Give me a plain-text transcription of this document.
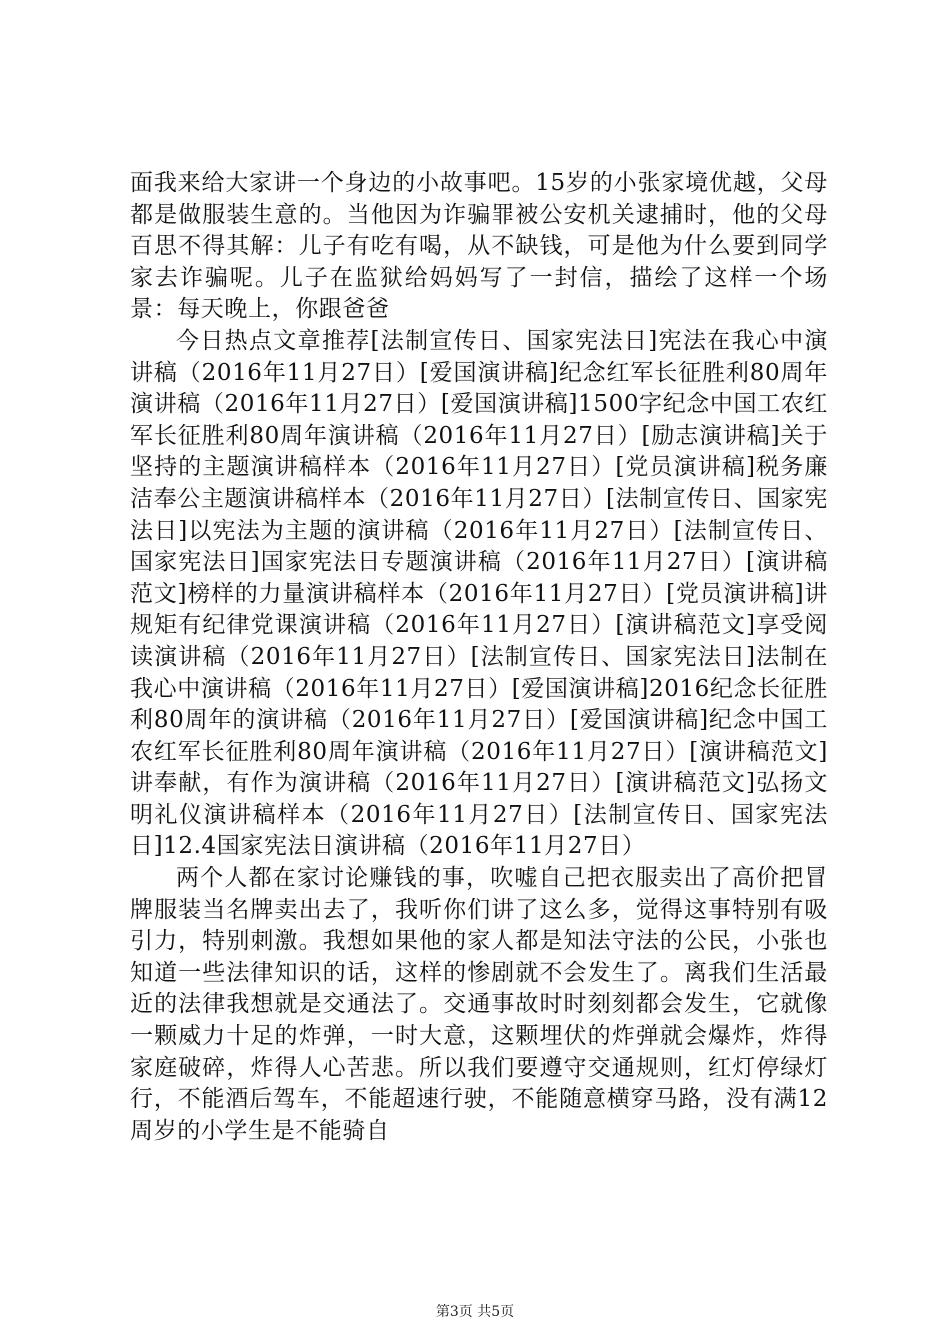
面我来给大家讲一个身边的小故事吧。15岁的小张家境优越，父母都是做服装生意的。当他因为诈骗罪被公安机关逮捕时，他的父母百思不得其解：儿子有吃有喝，从不缺钱，可是他为什么要到同学家去诈骗呢。儿子在监狱给妈妈写了一封信，描绘了这样一个场景：每天晚上，你跟爸爸

今日热点文章推荐[法制宣传日、国家宪法日]宪法在我心中演讲稿（2016年11月27日）[爱国演讲稿]纪念红军长征胜利80周年演讲稿（2016年11月27日）[爱国演讲稿]1500字纪念中国工农红军长征胜利80周年演讲稿（2016年11月27日）[励志演讲稿]关于坚持的主题演讲稿样本（2016年11月27日）[党员演讲稿]税务廉洁奉公主题演讲稿样本（2016年11月27日）[法制宣传日、国家宪法日]以宪法为主题的演讲稿（2016年11月27日）[法制宣传日、国家宪法日]国家宪法日专题演讲稿（2016年11月27日）[演讲稿范文]榜样的力量演讲稿样本（2016年11月27日）[党员演讲稿]讲规矩有纪律党课演讲稿（2016年11月27日）[演讲稿范文]享受阅读演讲稿（2016年11月27日）[法制宣传日、国家宪法日]法制在我心中演讲稿（2016年11月27日）[爱国演讲稿]2016纪念长征胜利80周年的演讲稿（2016年11月27日）[爱国演讲稿]纪念中国工农红军长征胜利80周年演讲稿（2016年11月27日）[演讲稿范文]讲奉献，有作为演讲稿（2016年11月27日）[演讲稿范文]弘扬文明礼仪演讲稿样本（2016年11月27日）[法制宣传日、国家宪法日]12.4国家宪法日演讲稿（2016年11月27日）

两个人都在家讨论赚钱的事，吹嘘自己把衣服卖出了高价把冒牌服装当名牌卖出去了，我听你们讲了这么多，觉得这事特别有吸引力，特别刺激。我想如果他的家人都是知法守法的公民，小张也知道一些法律知识的话，这样的惨剧就不会发生了。离我们生活最近的法律我想就是交通法了。交通事故时时刻刻都会发生，它就像一颗威力十足的炸弹，一时大意，这颗埋伏的炸弹就会爆炸，炸得家庭破碎，炸得人心苦悲。所以我们要遵守交通规则，红灯停绿灯行，不能酒后驾车，不能超速行驶，不能随意横穿马路，没有满12周岁的小学生是不能骑自

第3页 共5页
